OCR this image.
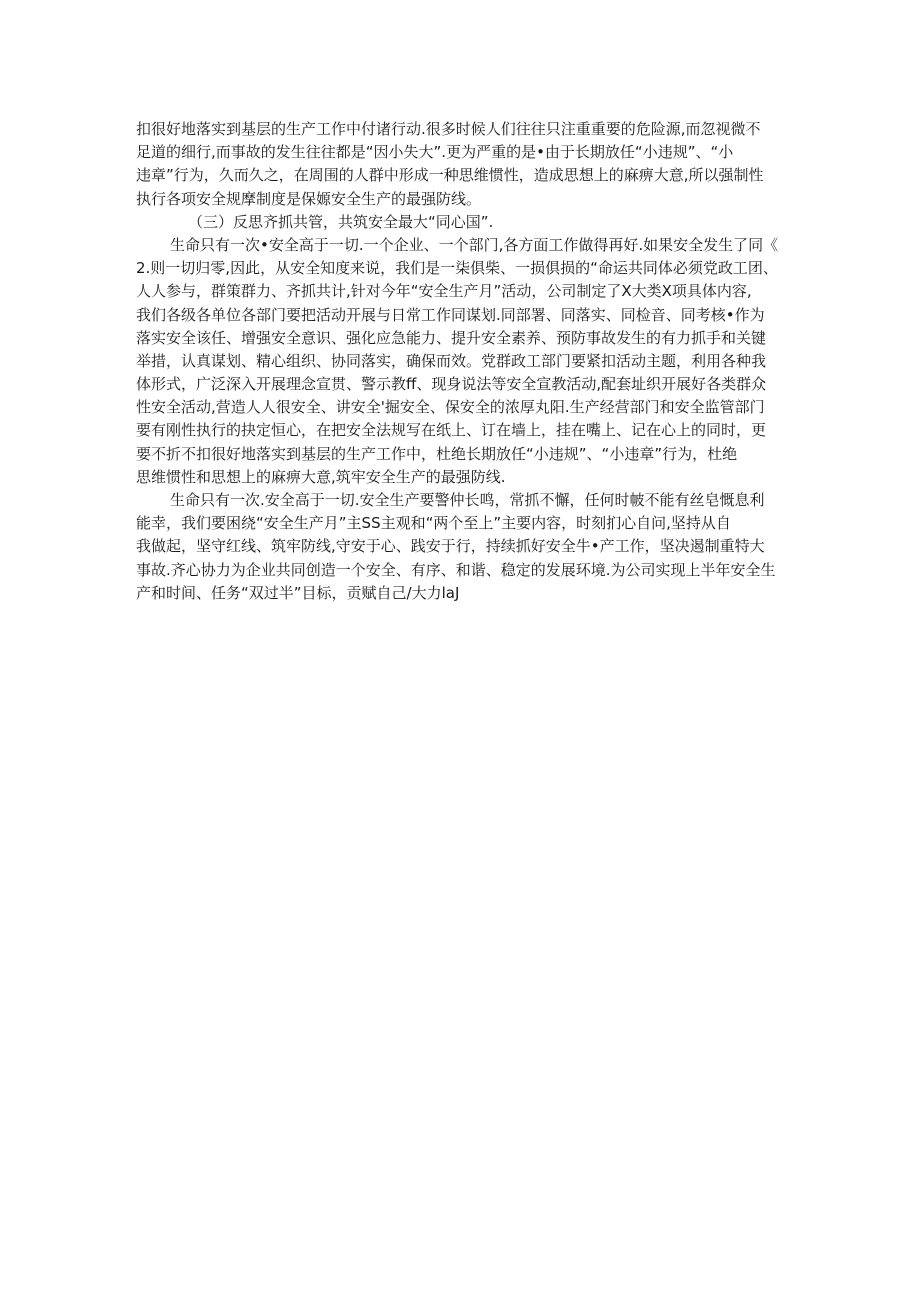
扣很好地落实到基层的生产工作中付诸行动.很多时候人们往往只注重重要的危险源,而忽视微不
足道的细行,而事故的发生往往都是“因小失大”.更为严重的是•由于长期放任“小违规”、“小
违章”行为，久而久之，在周围的人群中形成一种思维惯性，造成思想上的麻痹大意,所以强制性
执行各项安全规摩制度是保嫄安全生产的最强防线。
（三）反思齐抓共管，共筑安全最大“同心国”.
生命只有一次•安全高于一切.一个企业、一个部门,各方面工作做得再好.如果安全发生了同《
2.则一切归零,因此，从安全知度来说，我们是一柒俱柴、一损俱损的“命运共同体必须党政工团、
人人参与，群策群力、齐抓共计,针对今年“安全生产月”活动，公司制定了X大类X项具体内容,
我们各级各单位各部门要把活动开展与日常工作同谋划.同部署、同落实、同检音、同考核•作为
落实安全该任、增强安全意识、强化应急能力、提升安全素养、预防事故发生的有力抓手和关键
举措，认真谋划、精心组织、协同落实，确保而效。党群政工部门要紧扣活动主题，利用各种我
体形式，广泛深入开展理念宣贯、警示教ff、现身说法等安全宣教活动,配套址织开展好各类群众
性安全活动,营造人人很安全、讲安全'掘安全、保安全的浓厚丸阳.生产经营部门和安全监管部门
要有刚性执行的抉定恒心，在把安全法规写在纸上、订在墙上，挂在嘴上、记在心上的同时，更
要不折不扣很好地落实到基层的生产工作中，杜绝长期放任“小违规”、“小违章”行为，杜绝
思维惯性和思想上的麻痹大意,筑牢安全生产的最强防线.
生命只有一次.安全高于一切.安全生产要警仲长鸣，常抓不懈，任何时帔不能有丝皂慨息利
能幸，我们要困绕“安全生产月”主SS主观和“两个至上”主要内容，时刻扪心自问,坚持从自
我做起，坚守红线、筑牢防线,守安于心、践安于行，持续抓好安全牛•产工作，坚决遏制重特大
事故.齐心协力为企业共同创造一个安全、有序、和谐、稳定的发展环境.为公司实现上半年安全生
产和时间、任务“双过半”目标，贡赋自己/大力laJ
